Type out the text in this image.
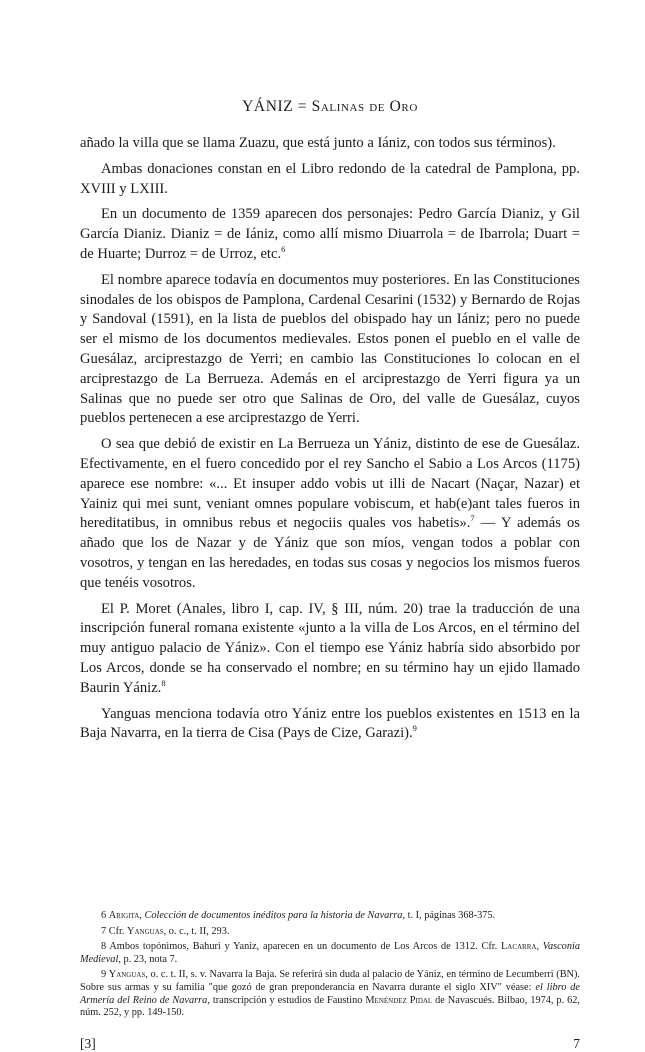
YÁNIZ = Salinas de Oro

añado la villa que se llama Zuazu, que está junto a Iániz, con todos sus términos).

Ambas donaciones constan en el Libro redondo de la catedral de Pamplona, pp. XVIII y LXIII.

En un documento de 1359 aparecen dos personajes: Pedro García Dianiz, y Gil García Dianiz. Dianiz = de Iániz, como allí mismo Diuarrola = de Ibarrola; Duart = de Huarte; Durroz = de Urroz, etc.$^6$

El nombre aparece todavía en documentos muy posteriores. En las Constituciones sinodales de los obispos de Pamplona, Cardenal Cesarini (1532) y Bernardo de Rojas y Sandoval (1591), en la lista de pueblos del obispado hay un Iániz; pero no puede ser el mismo de los documentos medievales. Estos ponen el pueblo en el valle de Guesálaz, arciprestazgo de Yerri; en cambio las Constituciones lo colocan en el arciprestazgo de La Berrueza. Además en el arciprestazgo de Yerri figura ya un Salinas que no puede ser otro que Salinas de Oro, del valle de Guesálaz, cuyos pueblos pertenecen a ese arciprestazgo de Yerri.

O sea que debió de existir en La Berrueza un Yániz, distinto de ese de Guesálaz. Efectivamente, en el fuero concedido por el rey Sancho el Sabio a Los Arcos (1175) aparece ese nombre: «... Et insuper addo vobis ut illi de Nacart (Naçar, Nazar) et Yainiz qui mei sunt, veniant omnes populare vobiscum, et hab(e)ant tales fueros in hereditatibus, in omnibus rebus et negociis quales vos habetis».$^7$ — Y además os añado que los de Nazar y de Yániz que son míos, vengan todos a poblar con vosotros, y tengan en las heredades, en todas sus cosas y negocios los mismos fueros que tenéis vosotros.

El P. Moret (Anales, libro I, cap. IV, § III, núm. 20) trae la traducción de una inscripción funeral romana existente «junto a la villa de Los Arcos, en el término del muy antiguo palacio de Yániz». Con el tiempo ese Yániz habría sido absorbido por Los Arcos, donde se ha conservado el nombre; en su término hay un ejido llamado Baurin Yániz.$^8$

Yanguas menciona todavía otro Yániz entre los pueblos existentes en 1513 en la Baja Navarra, en la tierra de Cisa (Pays de Cize, Garazi).$^9$

6 Arigita, Colección de documentos inéditos para la historia de Navarra, t. I, páginas 368-375.

7 Cfr. Yanguas, o. c., t. II, 293.

8 Ambos topónimos, Bahuri y Yaniz, aparecen en un documento de Los Arcos de 1312. Cfr. Lacarra, Vasconia Medieval, p. 23, nota 7.

9 Yanguas, o. c. t. II, s. v. Navarra la Baja. Se referirá sin duda al palacio de Yániz, en término de Lecumberri (BN). Sobre sus armas y su familia "que gozó de gran preponderancia en Navarra durante el siglo XIV" véase: el libro de Armería del Reino de Navarra, transcripción y estudios de Faustino Menéndez Pidal de Navascués. Bilbao, 1974, p. 62, núm. 252, y pp. 149-150.

[3]	7
